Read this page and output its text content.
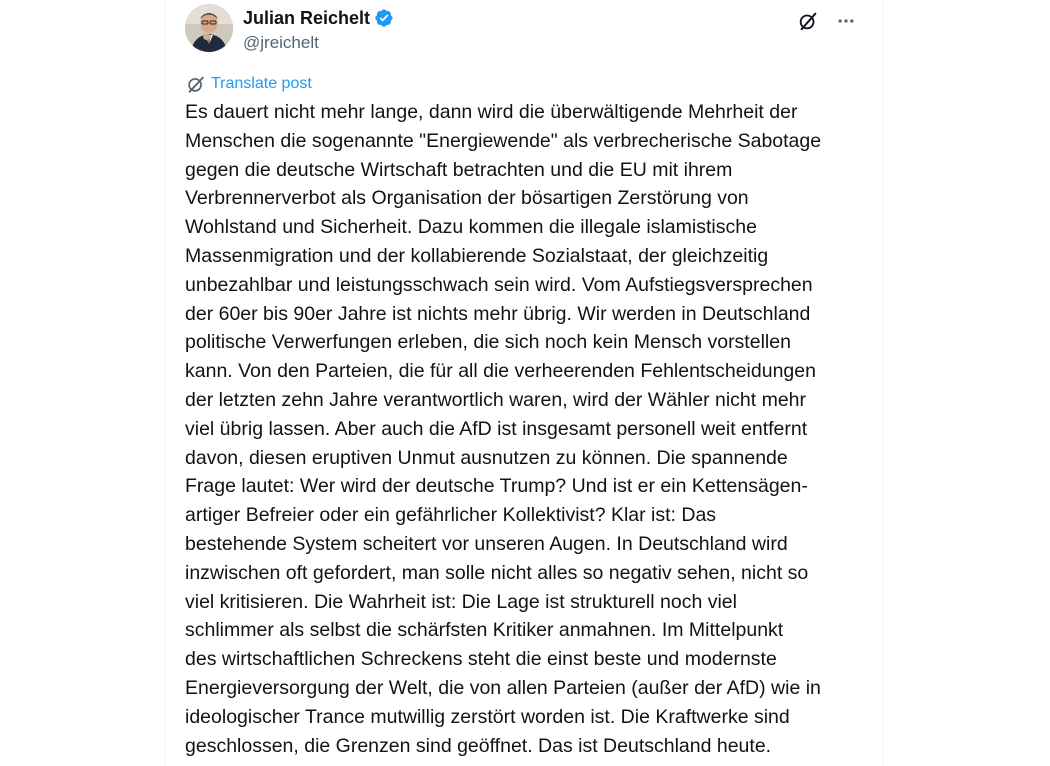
Julian Reichelt
@jreichelt
Translate post
Es dauert nicht mehr lange, dann wird die überwältigende Mehrheit der
Menschen die sogenannte "Energiewende" als verbrecherische Sabotage
gegen die deutsche Wirtschaft betrachten und die EU mit ihrem
Verbrennerverbot als Organisation der bösartigen Zerstörung von
Wohlstand und Sicherheit. Dazu kommen die illegale islamistische
Massenmigration und der kollabierende Sozialstaat, der gleichzeitig
unbezahlbar und leistungsschwach sein wird. Vom Aufstiegsversprechen
der 60er bis 90er Jahre ist nichts mehr übrig. Wir werden in Deutschland
politische Verwerfungen erleben, die sich noch kein Mensch vorstellen
kann. Von den Parteien, die für all die verheerenden Fehlentscheidungen
der letzten zehn Jahre verantwortlich waren, wird der Wähler nicht mehr
viel übrig lassen. Aber auch die AfD ist insgesamt personell weit entfernt
davon, diesen eruptiven Unmut ausnutzen zu können. Die spannende
Frage lautet: Wer wird der deutsche Trump? Und ist er ein Kettensägen-
artiger Befreier oder ein gefährlicher Kollektivist? Klar ist: Das
bestehende System scheitert vor unseren Augen. In Deutschland wird
inzwischen oft gefordert, man solle nicht alles so negativ sehen, nicht so
viel kritisieren. Die Wahrheit ist: Die Lage ist strukturell noch viel
schlimmer als selbst die schärfsten Kritiker anmahnen. Im Mittelpunkt
des wirtschaftlichen Schreckens steht die einst beste und modernste
Energieversorgung der Welt, die von allen Parteien (außer der AfD) wie in
ideologischer Trance mutwillig zerstört worden ist. Die Kraftwerke sind
geschlossen, die Grenzen sind geöffnet. Das ist Deutschland heute.
